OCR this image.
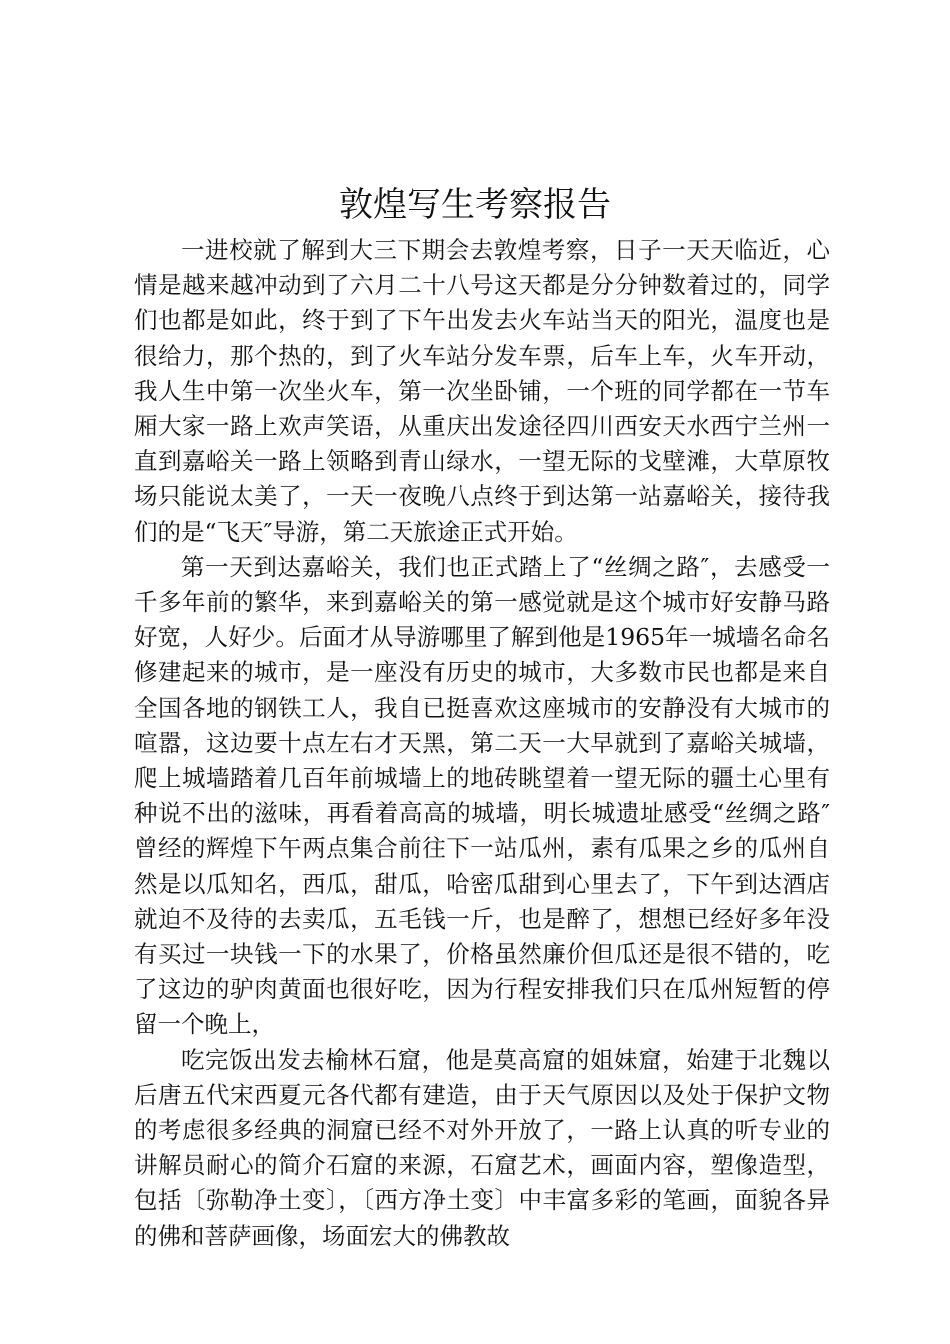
敦煌写生考察报告

一进校就了解到大三下期会去敦煌考察，日子一天天临近，心情是越来越冲动到了六月二十八号这天都是分分钟数着过的，同学们也都是如此，终于到了下午出发去火车站当天的阳光，温度也是很给力，那个热的，到了火车站分发车票，后车上车，火车开动，我人生中第一次坐火车，第一次坐卧铺，一个班的同学都在一节车厢大家一路上欢声笑语，从重庆出发途径四川西安天水西宁兰州一直到嘉峪关一路上领略到青山绿水，一望无际的戈壁滩，大草原牧场只能说太美了，一天一夜晚八点终于到达第一站嘉峪关，接待我们的是“飞天″导游，第二天旅途正式开始。

第一天到达嘉峪关，我们也正式踏上了“丝绸之路″，去感受一千多年前的繁华，来到嘉峪关的第一感觉就是这个城市好安静马路好宽，人好少。后面才从导游哪里了解到他是1965年一城墙名命名修建起来的城市，是一座没有历史的城市，大多数市民也都是来自全国各地的钢铁工人，我自已挺喜欢这座城市的安静没有大城市的喧嚣，这边要十点左右才天黑，第二天一大早就到了嘉峪关城墙，爬上城墙踏着几百年前城墙上的地砖眺望着一望无际的疆土心里有种说不出的滋味，再看着高高的城墙，明长城遗址感受“丝绸之路″曾经的辉煌下午两点集合前往下一站瓜州，素有瓜果之乡的瓜州自然是以瓜知名，西瓜，甜瓜，哈密瓜甜到心里去了，下午到达酒店就迫不及待的去卖瓜，五毛钱一斤，也是醉了，想想已经好多年没有买过一块钱一下的水果了，价格虽然廉价但瓜还是很不错的，吃了这边的驴肉黄面也很好吃，因为行程安排我们只在瓜州短暂的停留一个晚上，

吃完饭出发去榆林石窟，他是莫高窟的姐妹窟，始建于北魏以后唐五代宋西夏元各代都有建造，由于天气原因以及处于保护文物的考虑很多经典的洞窟已经不对外开放了，一路上认真的听专业的讲解员耐心的简介石窟的来源，石窟艺术，画面内容，塑像造型，包括〔弥勒净土变〕，〔西方净土变〕中丰富多彩的笔画，面貌各异的佛和菩萨画像，场面宏大的佛教故
